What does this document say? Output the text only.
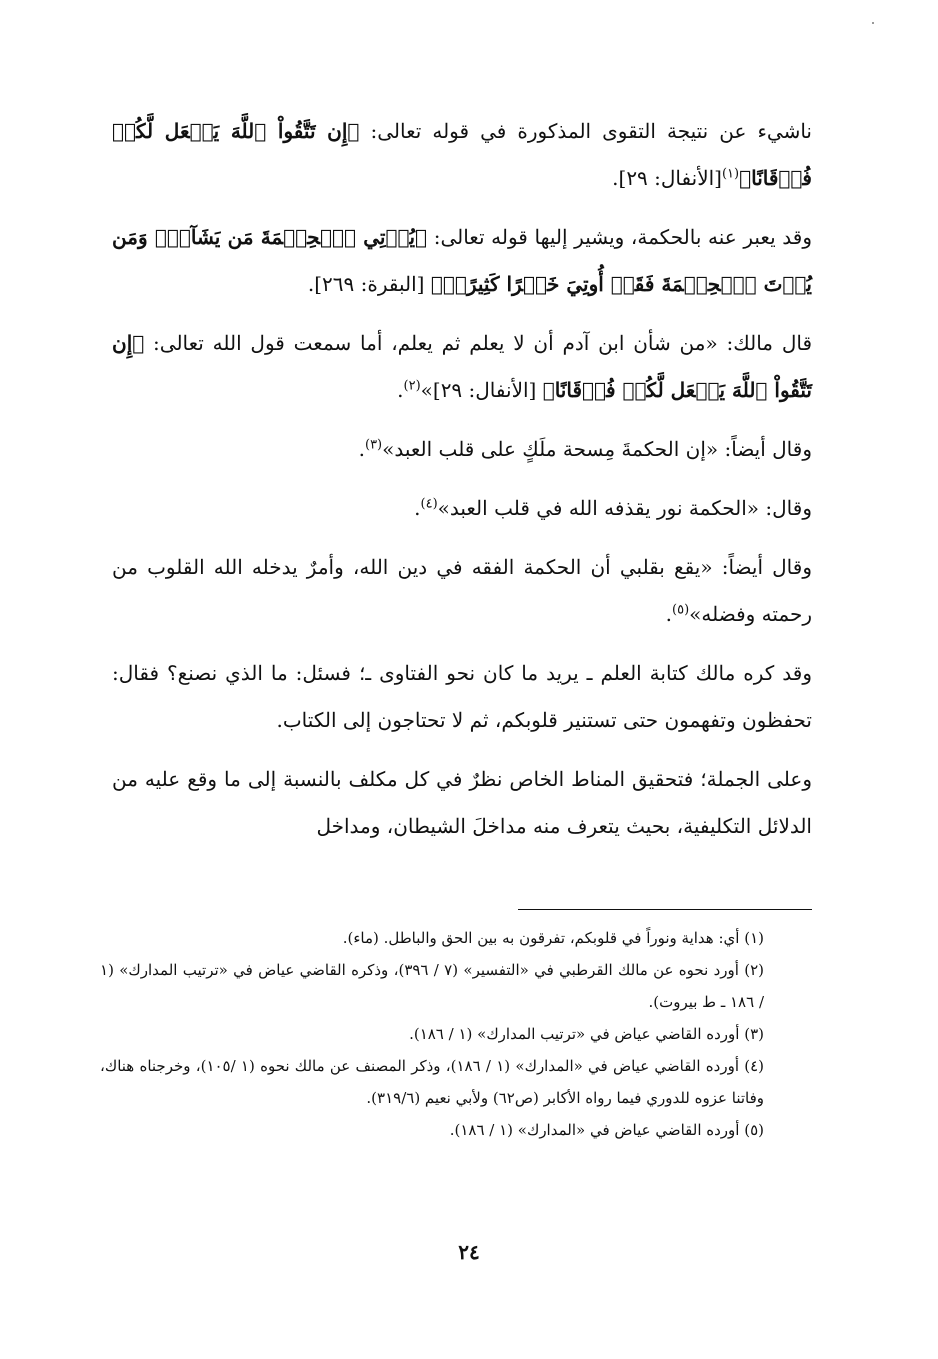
ناشيء عن نتيجة التقوى المذكورة في قوله تعالى: ﴿إِن تَتَّقُواْ ٱللَّهَ يَجۡعَل لَّكُمۡ فُرۡقَانًا﴾$^{(١)}$[الأنفال: ٢٩].

وقد يعبر عنه بالحكمة، ويشير إليها قوله تعالى: ﴿يُؤۡتِي ٱلۡحِكۡمَةَ مَن يَشَآءُۚ وَمَن يُؤۡتَ ٱلۡحِكۡمَةَ فَقَدۡ أُوتِيَ خَيۡرًا كَثِيرًاۗ﴾ [البقرة: ٢٦٩].

قال مالك: «من شأن ابن آدم أن لا يعلم ثم يعلم، أما سمعت قول الله تعالى: ﴿إِن تَتَّقُواْ ٱللَّهَ يَجۡعَل لَّكُمۡ فُرۡقَانًا﴾ [الأنفال: ٢٩]»$^{(٢)}$.

وقال أيضاً: «إن الحكمةَ مِسحة ملَكٍ على قلب العبد»$^{(٣)}$.

وقال: «الحكمة نور يقذفه الله في قلب العبد»$^{(٤)}$.

وقال أيضاً: «يقع بقلبي أن الحكمة الفقه في دين الله، وأمرٌ يدخله الله القلوب من رحمته وفضله»$^{(٥)}$.

وقد كره مالك كتابة العلم ـ يريد ما كان نحو الفتاوى ـ؛ فسئل: ما الذي نصنع؟ فقال: تحفظون وتفهمون حتى تستنير قلوبكم، ثم لا تحتاجون إلى الكتاب.

وعلى الجملة؛ فتحقيق المناط الخاص نظرٌ في كل مكلف بالنسبة إلى ما وقع عليه من الدلائل التكليفية، بحيث يتعرف منه مداخلَ الشيطان، ومداخل

(١) أي: هداية ونوراً في قلوبكم، تفرقون به بين الحق والباطل. (ماء).

(٢) أورد نحوه عن مالك القرطبي في «التفسير» (٧ / ٣٩٦)، وذكره القاضي عياض في «ترتيب المدارك» (١ / ١٨٦ ـ ط بيروت).

(٣) أورده القاضي عياض في «ترتيب المدارك» (١ / ١٨٦).

(٤) أورده القاضي عياض في «المدارك» (١ / ١٨٦)، وذكر المصنف عن مالك نحوه (١ /١٠٥)، وخرجناه هناك، وفاتنا عزوه للدوري فيما رواه الأكابر (ص٦٢) ولأبي نعيم (٣١٩/٦).

(٥) أورده القاضي عياض في «المدارك» (١ / ١٨٦).

٢٤
